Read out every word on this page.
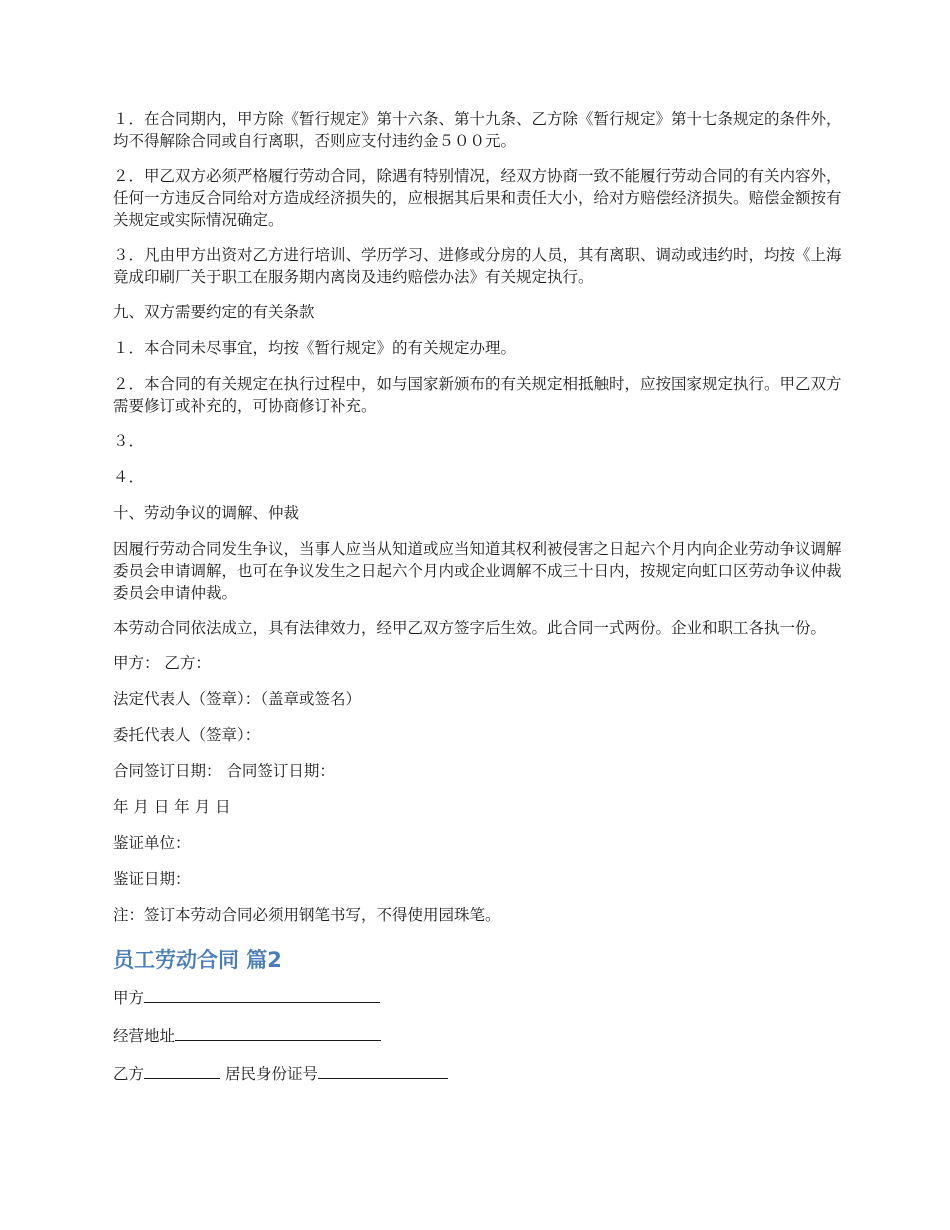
１．在合同期内，甲方除《暂行规定》第十六条、第十九条、乙方除《暂行规定》第十七条规定的条件外，均不得解除合同或自行离职，否则应支付违约金５００元。

２．甲乙双方必须严格履行劳动合同，除遇有特别情况，经双方协商一致不能履行劳动合同的有关内容外，任何一方违反合同给对方造成经济损失的，应根据其后果和责任大小，给对方赔偿经济损失。赔偿金额按有关规定或实际情况确定。

３．凡由甲方出资对乙方进行培训、学历学习、进修或分房的人员，其有离职、调动或违约时，均按《上海竟成印刷厂关于职工在服务期内离岗及违约赔偿办法》有关规定执行。

九、双方需要约定的有关条款

１．本合同未尽事宜，均按《暂行规定》的有关规定办理。

２．本合同的有关规定在执行过程中，如与国家新颁布的有关规定相抵触时，应按国家规定执行。甲乙双方需要修订或补充的，可协商修订补充。

３．

４．

十、劳动争议的调解、仲裁

因履行劳动合同发生争议，当事人应当从知道或应当知道其权利被侵害之日起六个月内向企业劳动争议调解委员会申请调解，也可在争议发生之日起六个月内或企业调解不成三十日内，按规定向虹口区劳动争议仲裁委员会申请仲裁。

本劳动合同依法成立，具有法律效力，经甲乙双方签字后生效。此合同一式两份。企业和职工各执一份。

甲方： 乙方：

法定代表人（签章）：（盖章或签名）

委托代表人（签章）：

合同签订日期： 合同签订日期：

年 月 日 年 月 日

鉴证单位：

鉴证日期：

注：签订本劳动合同必须用钢笔书写，不得使用园珠笔。

员工劳动合同 篇2
甲方
经营地址
乙方	居民身份证号
